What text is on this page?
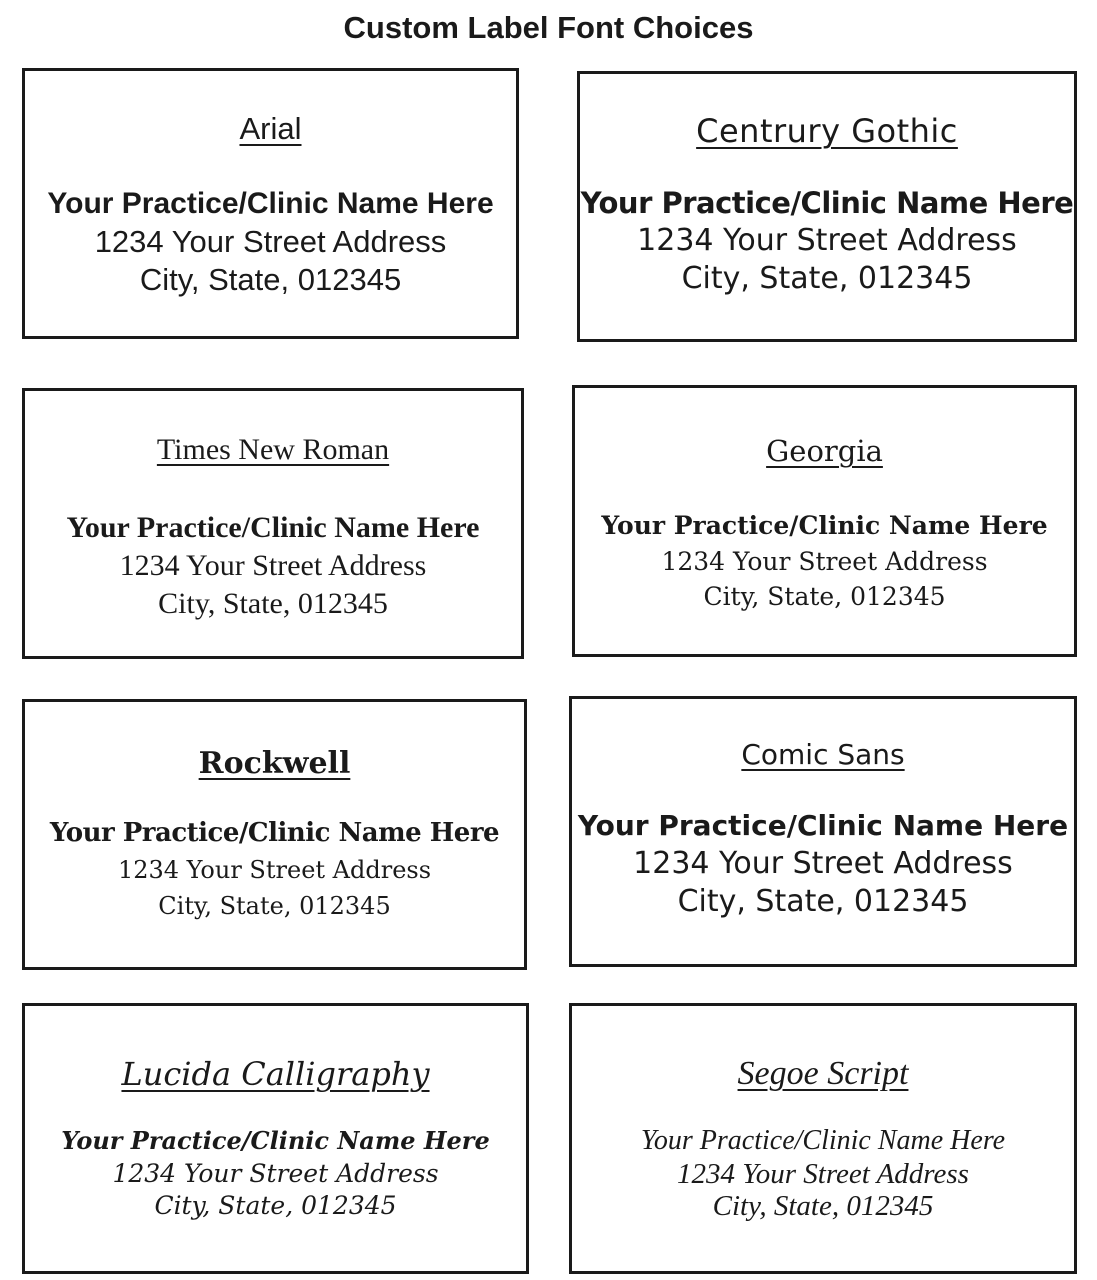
Custom Label Font Choices
Arial
Your Practice/Clinic Name Here
1234 Your Street Address
City, State, 012345
Centrury Gothic
Your Practice/Clinic Name Here
1234 Your Street Address
City, State, 012345
Times New Roman
Your Practice/Clinic Name Here
1234 Your Street Address
City, State, 012345
Georgia
Your Practice/Clinic Name Here
1234 Your Street Address
City, State, 012345
Rockwell
Your Practice/Clinic Name Here
1234 Your Street Address
City, State, 012345
Comic Sans
Your Practice/Clinic Name Here
1234 Your Street Address
City, State, 012345
Lucida Calligraphy
Your Practice/Clinic Name Here
1234 Your Street Address
City, State, 012345
Segoe Script
Your Practice/Clinic Name Here
1234 Your Street Address
City, State, 012345
